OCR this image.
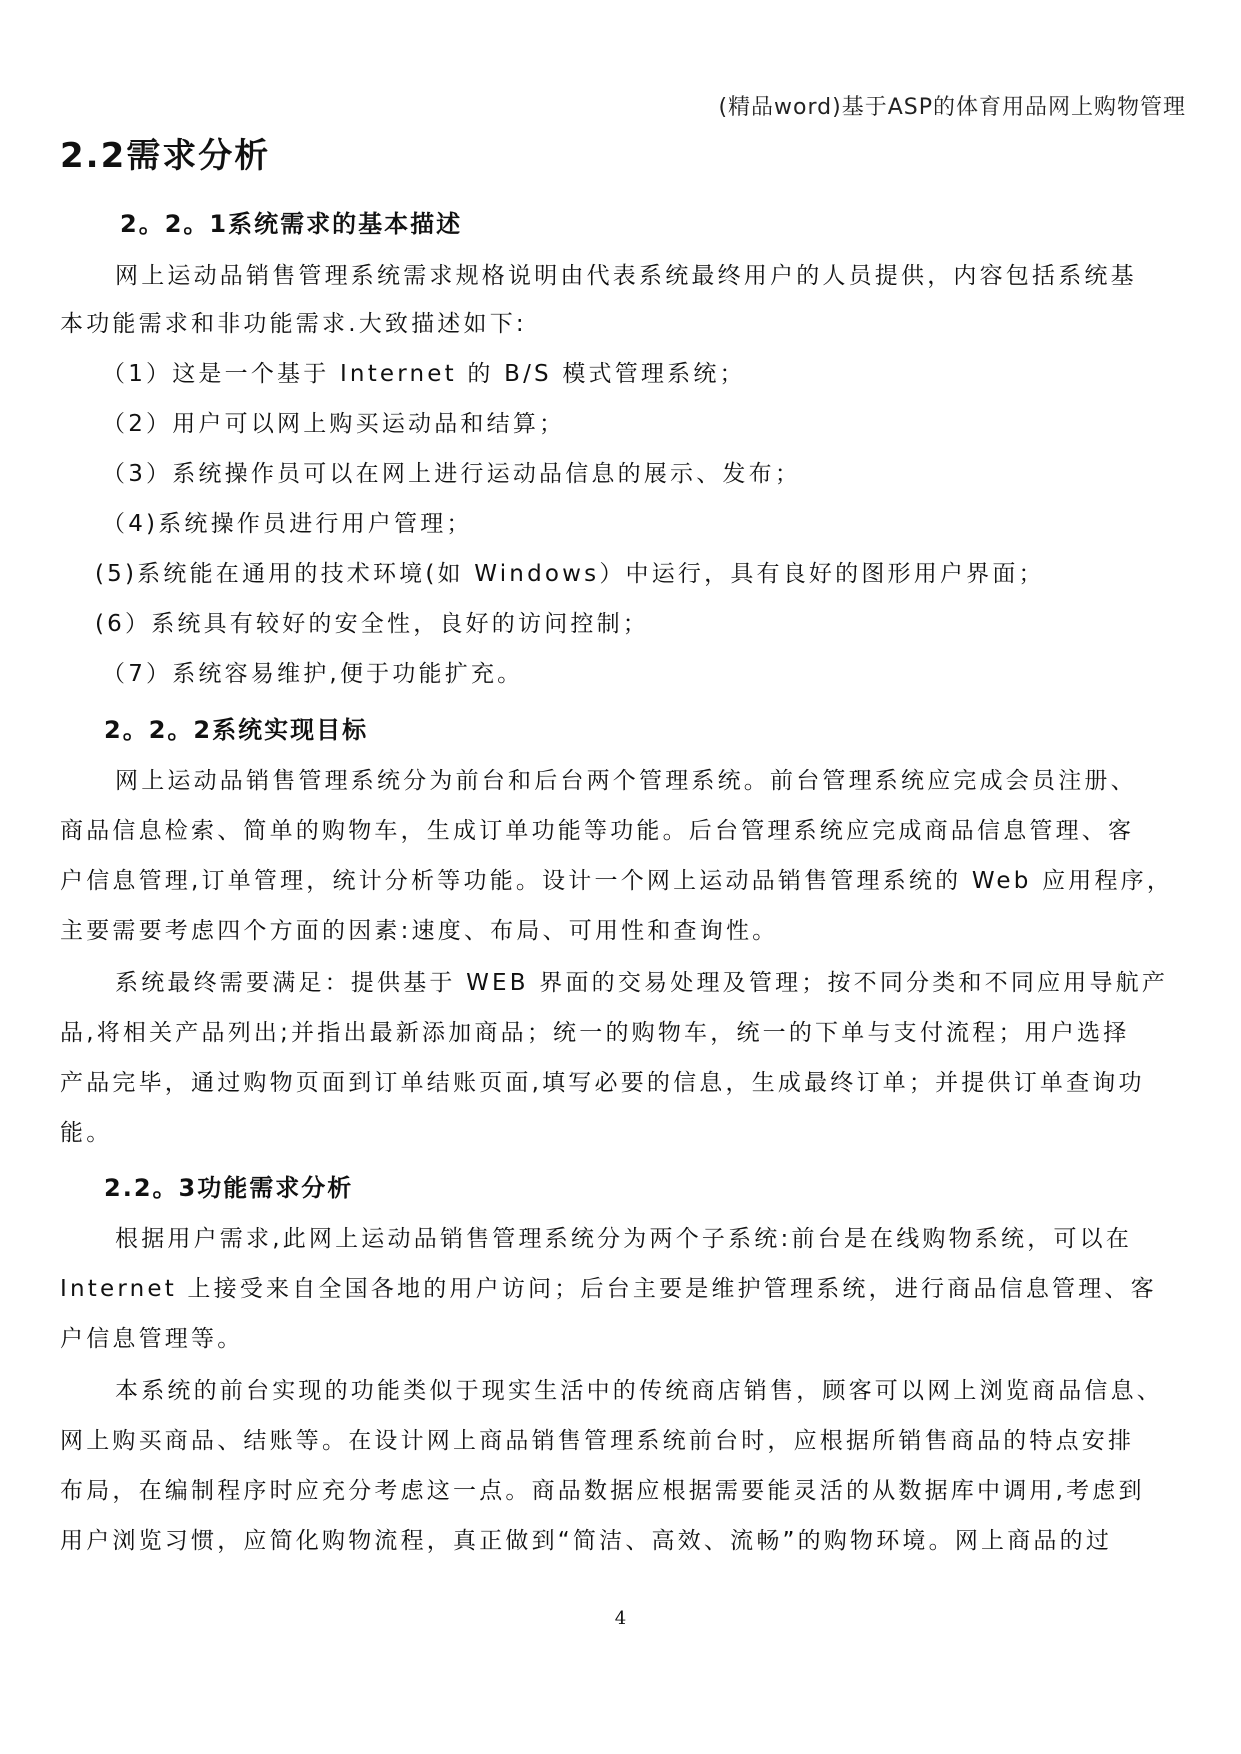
(精品word)基于ASP的体育用品网上购物管理
2.2需求分析
2。2。1系统需求的基本描述
网上运动品销售管理系统需求规格说明由代表系统最终用户的人员提供，内容包括系统基
本功能需求和非功能需求.大致描述如下:
（1）这是一个基于 Internet 的 B/S 模式管理系统；
（2）用户可以网上购买运动品和结算；
（3）系统操作员可以在网上进行运动品信息的展示、发布；
（4)系统操作员进行用户管理；
(5)系统能在通用的技术环境(如 Windows）中运行，具有良好的图形用户界面；
(6）系统具有较好的安全性，良好的访问控制；
（7）系统容易维护,便于功能扩充。
2。2。2系统实现目标
网上运动品销售管理系统分为前台和后台两个管理系统。前台管理系统应完成会员注册、
商品信息检索、简单的购物车，生成订单功能等功能。后台管理系统应完成商品信息管理、客
户信息管理,订单管理，统计分析等功能。设计一个网上运动品销售管理系统的 Web 应用程序，
主要需要考虑四个方面的因素:速度、布局、可用性和查询性。
系统最终需要满足：提供基于 WEB 界面的交易处理及管理；按不同分类和不同应用导航产
品,将相关产品列出;并指出最新添加商品；统一的购物车，统一的下单与支付流程；用户选择
产品完毕，通过购物页面到订单结账页面,填写必要的信息，生成最终订单；并提供订单查询功
能。
2.2。3功能需求分析
根据用户需求,此网上运动品销售管理系统分为两个子系统:前台是在线购物系统，可以在
Internet 上接受来自全国各地的用户访问；后台主要是维护管理系统，进行商品信息管理、客
户信息管理等。
本系统的前台实现的功能类似于现实生活中的传统商店销售，顾客可以网上浏览商品信息、
网上购买商品、结账等。在设计网上商品销售管理系统前台时，应根据所销售商品的特点安排
布局，在编制程序时应充分考虑这一点。商品数据应根据需要能灵活的从数据库中调用,考虑到
用户浏览习惯，应简化购物流程，真正做到“简洁、高效、流畅”的购物环境。网上商品的过
4
